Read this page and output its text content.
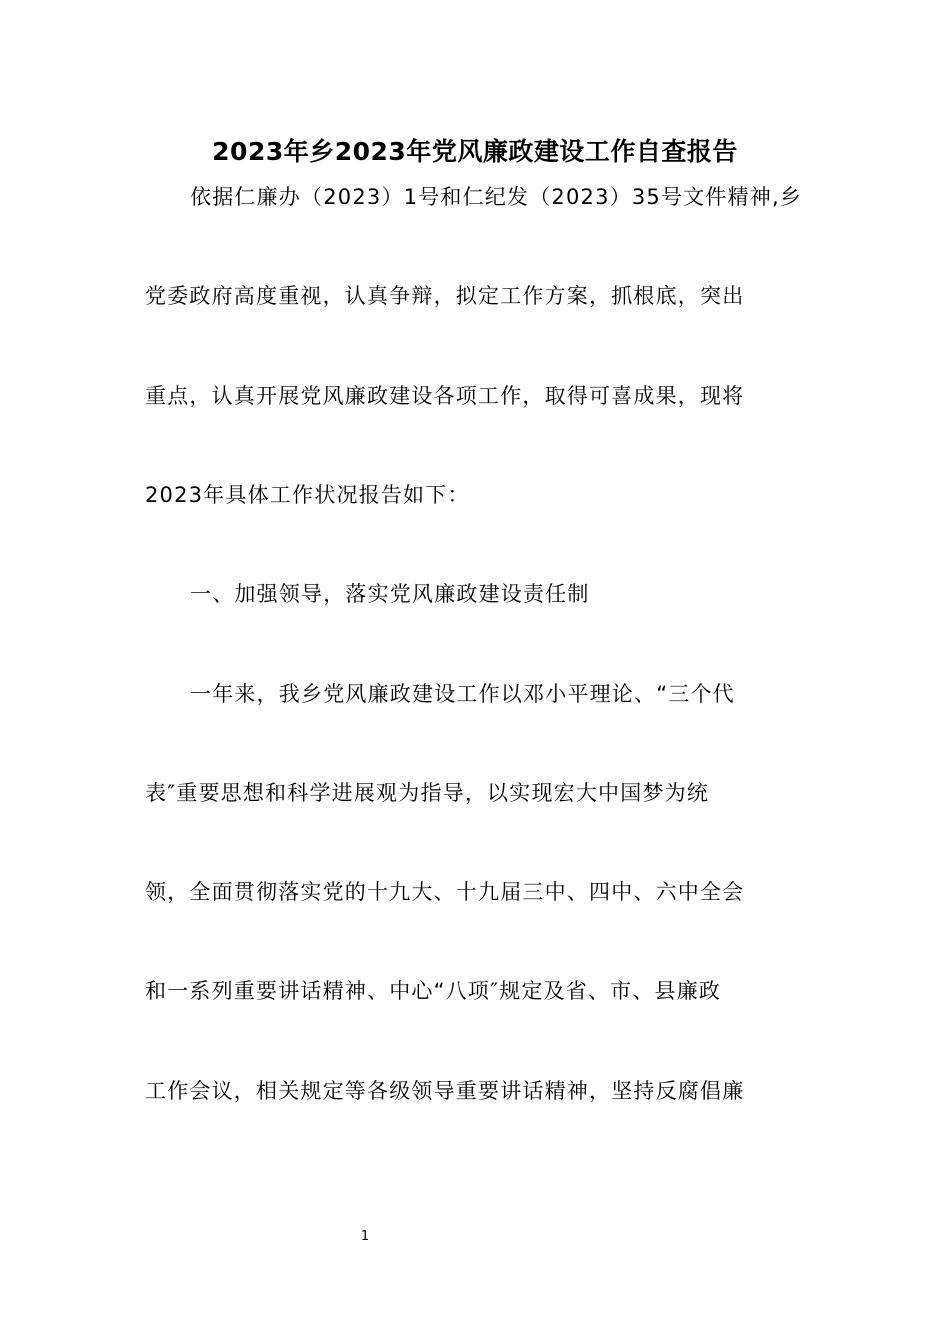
2023年乡2023年党风廉政建设工作自查报告
依据仁廉办（2023）1号和仁纪发（2023）35号文件精神,乡
党委政府高度重视，认真争辩，拟定工作方案，抓根底，突出
重点，认真开展党风廉政建设各项工作，取得可喜成果，现将
2023年具体工作状况报告如下：
一、加强领导，落实党风廉政建设责任制
一年来，我乡党风廉政建设工作以邓小平理论、“三个代
表″重要思想和科学进展观为指导，以实现宏大中国梦为统
领，全面贯彻落实党的十九大、十九届三中、四中、六中全会
和一系列重要讲话精神、中心“八项″规定及省、市、县廉政
工作会议，相关规定等各级领导重要讲话精神，坚持反腐倡廉
1
